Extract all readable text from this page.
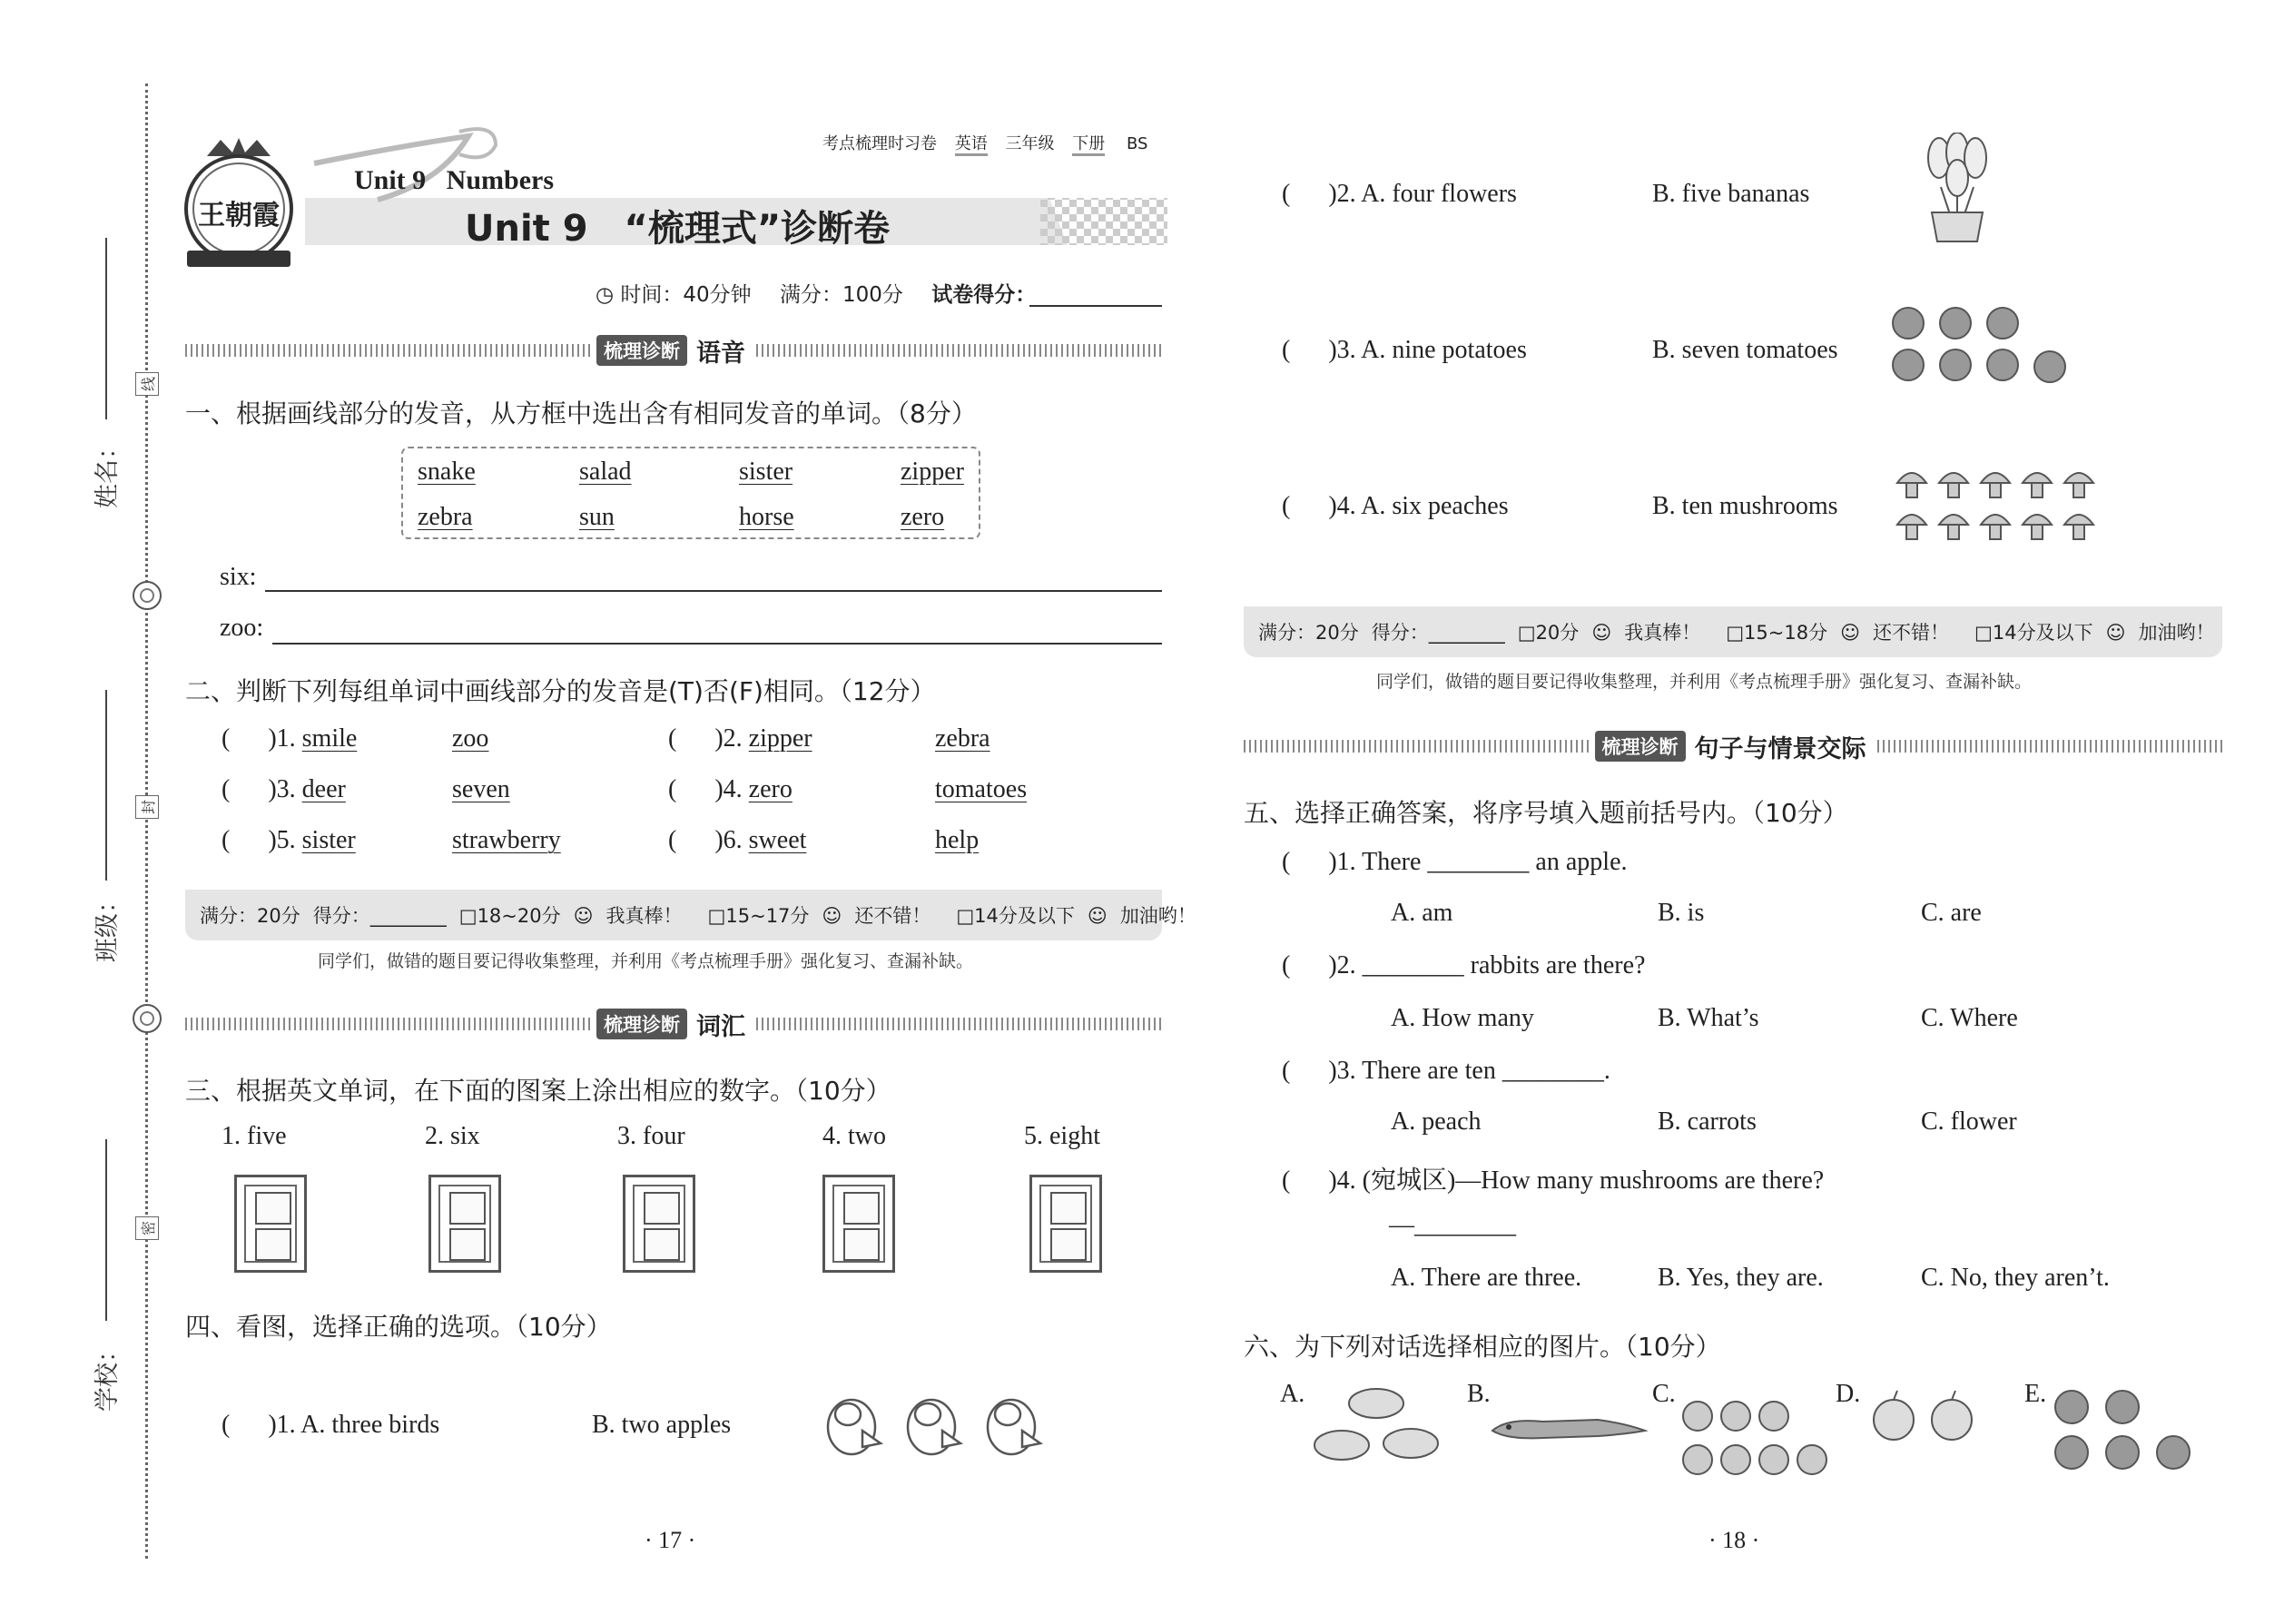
姓名：
班级：
学校：
线
封
密
王朝霞
考点梳理时习卷 英语 三年级 下册 BS
Unit 9   Numbers
Unit 9 “梳理式”诊断卷
◷ 时间：40分钟 满分：100分 试卷得分：
梳理诊断 语音
一、根据画线部分的发音，从方框中选出含有相同发音的单词。（8分）
snake	salad	sister	zipper
zebra	sun	horse	zero
six:
zoo:
二、判断下列每组单词中画线部分的发音是(T)否(F)相同。（12分）
(      )1. smile	zoo	(      )2. zipper	zebra
(      )3. deer	seven	(      )4. zero	tomatoes
(      )5. sister	strawberry	(      )6. sweet	help
满分：20分 得分：________ □18~20分 ☺ 我真棒！	□15~17分 ☺ 还不错！	□14分及以下 ☺ 加油哟！
同学们，做错的题目要记得收集整理，并利用《考点梳理手册》强化复习、查漏补缺。
梳理诊断 词汇
三、根据英文单词，在下面的图案上涂出相应的数字。（10分）
1. five	2. six	3. four	4. two	5. eight
四、看图，选择正确的选项。（10分）
(      )1. A. three birds	B. two apples
· 17 ·
(      )2. A. four flowers	B. five bananas
(      )3. A. nine potatoes	B. seven tomatoes
(      )4. A. six peaches	B. ten mushrooms
满分：20分 得分：________ □20分 ☺ 我真棒！	□15~18分 ☺ 还不错！	□14分及以下 ☺ 加油哟！
同学们，做错的题目要记得收集整理，并利用《考点梳理手册》强化复习、查漏补缺。
梳理诊断 句子与情景交际
五、选择正确答案，将序号填入题前括号内。（10分）
(      )1. There ________ an apple.
A. am	B. is	C. are
(      )2. ________ rabbits are there?
A. How many	B. What’s	C. Where
(      )3. There are ten ________.
A. peach	B. carrots	C. flower
(      )4. (宛城区)—How many mushrooms are there?
—________
A. There are three.	B. Yes, they are.	C. No, they aren’t.
六、为下列对话选择相应的图片。（10分）
A.	B.	C.	D.	E.
· 18 ·
